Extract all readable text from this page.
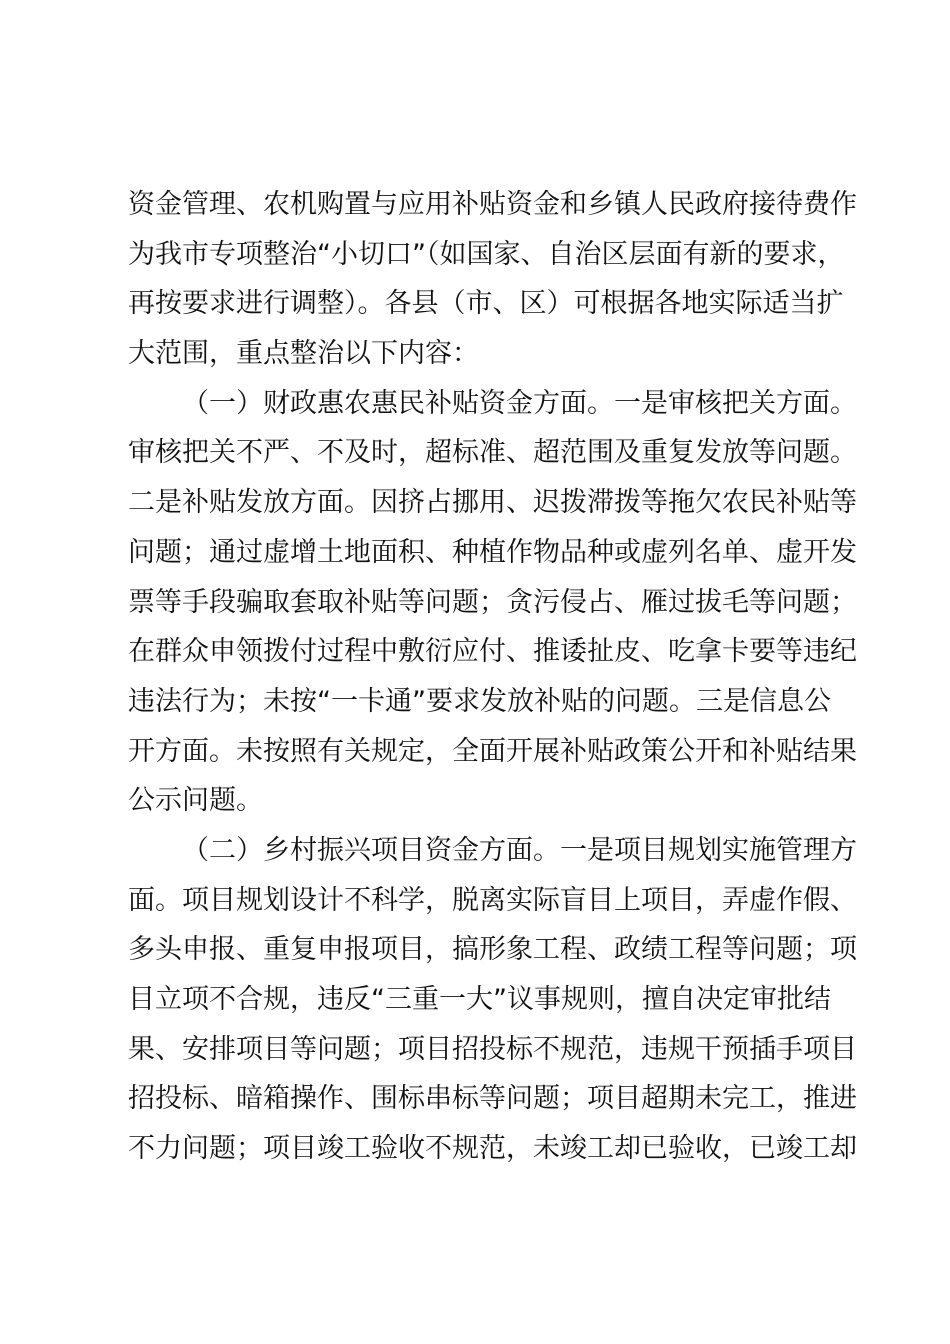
资金管理、农机购置与应用补贴资金和乡镇人民政府接待费作
为我市专项整治“小切口”（如国家、自治区层面有新的要求，
再按要求进行调整）。各县（市、区）可根据各地实际适当扩
大范围，重点整治以下内容：
（一）财政惠农惠民补贴资金方面。一是审核把关方面。
审核把关不严、不及时，超标准、超范围及重复发放等问题。
二是补贴发放方面。因挤占挪用、迟拨滞拨等拖欠农民补贴等
问题；通过虚增土地面积、种植作物品种或虚列名单、虚开发
票等手段骗取套取补贴等问题；贪污侵占、雁过拔毛等问题；
在群众申领拨付过程中敷衍应付、推诿扯皮、吃拿卡要等违纪
违法行为；未按“一卡通”要求发放补贴的问题。三是信息公
开方面。未按照有关规定，全面开展补贴政策公开和补贴结果
公示问题。
（二）乡村振兴项目资金方面。一是项目规划实施管理方
面。项目规划设计不科学，脱离实际盲目上项目，弄虚作假、
多头申报、重复申报项目，搞形象工程、政绩工程等问题；项
目立项不合规，违反“三重一大”议事规则，擅自决定审批结
果、安排项目等问题；项目招投标不规范，违规干预插手项目
招投标、暗箱操作、围标串标等问题；项目超期未完工，推进
不力问题；项目竣工验收不规范，未竣工却已验收，已竣工却
